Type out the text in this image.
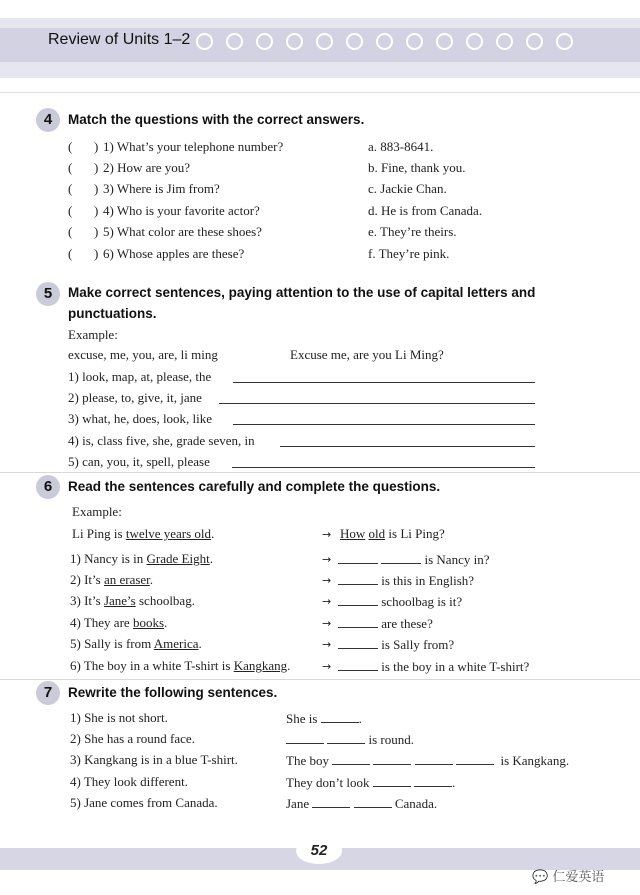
Review of Units 1–2
4	Match the questions with the correct answers.
( ) 1) What’s your telephone number?	a. 883-8641.
( ) 2) How are you?	b. Fine, thank you.
( ) 3) Where is Jim from?	c. Jackie Chan.
( ) 4) Who is your favorite actor?	d. He is from Canada.
( ) 5) What color are these shoes?	e. They’re theirs.
( ) 6) Whose apples are these?	f. They’re pink.
5	Make correct sentences, paying attention to the use of capital letters and punctuations.
Example:
excuse, me, you, are, li ming	Excuse me, are you Li Ming?
1) look, map, at, please, the
2) please, to, give, it, jane
3) what, he, does, look, like
4) is, class five, she, grade seven, in
5) can, you, it, spell, please
6	Read the sentences carefully and complete the questions.
Example:
Li Ping is twelve years old.	→ How old is Li Ping?
1) Nancy is in Grade Eight.	→	is Nancy in?
2) It’s an eraser.	→	is this in English?
3) It’s Jane’s schoolbag.	→	schoolbag is it?
4) They are books.	→	are these?
5) Sally is from America.	→	is Sally from?
6) The boy in a white T-shirt is Kangkang.	→	is the boy in a white T-shirt?
7	Rewrite the following sentences.
1) She is not short.	She is	.
2) She has a round face.	is round.
3) Kangkang is in a blue T-shirt.	The boy	is Kangkang.
4) They look different.	They don’t look	.
5) Jane comes from Canada.	Jane	Canada.
52
💬 仁爱英语
